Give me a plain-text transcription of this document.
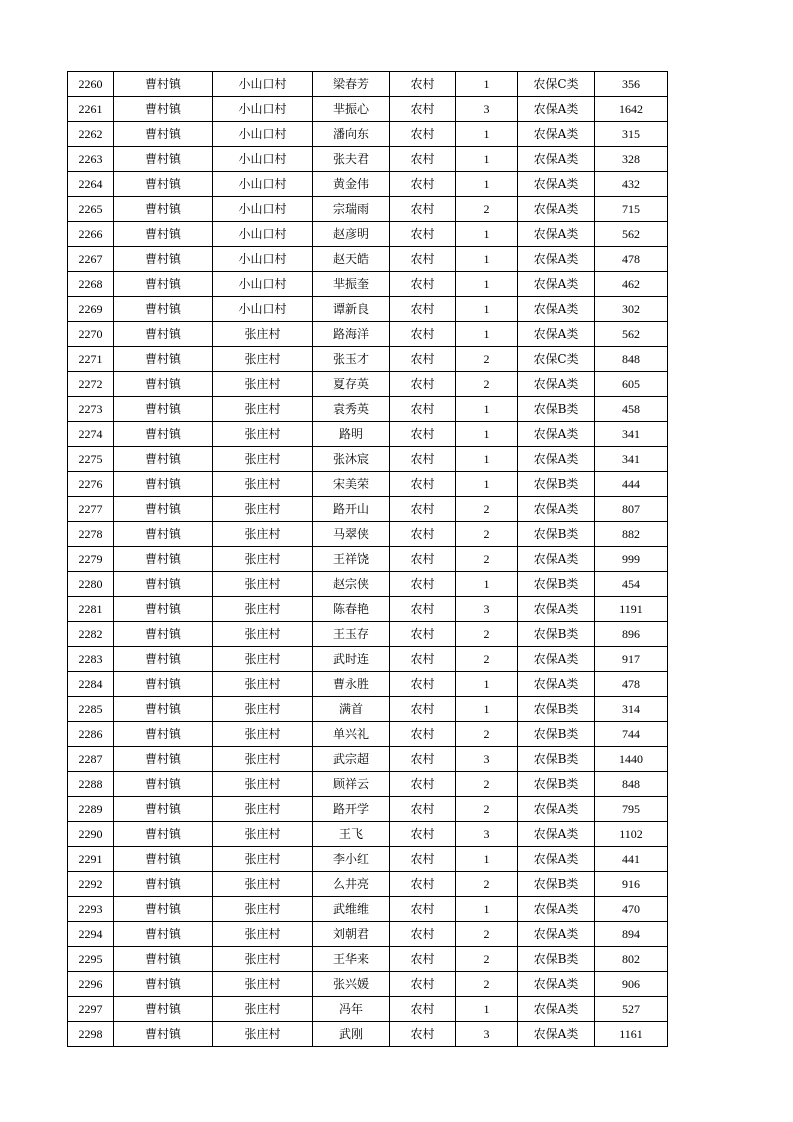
2260	曹村镇	小山口村	梁春芳	农村	1	农保C类	356
2261	曹村镇	小山口村	芈振心	农村	3	农保A类	1642
2262	曹村镇	小山口村	潘向东	农村	1	农保A类	315
2263	曹村镇	小山口村	张夫君	农村	1	农保A类	328
2264	曹村镇	小山口村	黄金伟	农村	1	农保A类	432
2265	曹村镇	小山口村	宗瑞雨	农村	2	农保A类	715
2266	曹村镇	小山口村	赵彦明	农村	1	农保A类	562
2267	曹村镇	小山口村	赵天皓	农村	1	农保A类	478
2268	曹村镇	小山口村	芈振奎	农村	1	农保A类	462
2269	曹村镇	小山口村	谭新良	农村	1	农保A类	302
2270	曹村镇	张庄村	路海洋	农村	1	农保A类	562
2271	曹村镇	张庄村	张玉才	农村	2	农保C类	848
2272	曹村镇	张庄村	夏存英	农村	2	农保A类	605
2273	曹村镇	张庄村	袁秀英	农村	1	农保B类	458
2274	曹村镇	张庄村	路明	农村	1	农保A类	341
2275	曹村镇	张庄村	张沐宸	农村	1	农保A类	341
2276	曹村镇	张庄村	宋美荣	农村	1	农保B类	444
2277	曹村镇	张庄村	路开山	农村	2	农保A类	807
2278	曹村镇	张庄村	马翠侠	农村	2	农保B类	882
2279	曹村镇	张庄村	王祥饶	农村	2	农保A类	999
2280	曹村镇	张庄村	赵宗侠	农村	1	农保B类	454
2281	曹村镇	张庄村	陈春艳	农村	3	农保A类	1191
2282	曹村镇	张庄村	王玉存	农村	2	农保B类	896
2283	曹村镇	张庄村	武时连	农村	2	农保A类	917
2284	曹村镇	张庄村	曹永胜	农村	1	农保A类	478
2285	曹村镇	张庄村	满首	农村	1	农保B类	314
2286	曹村镇	张庄村	单兴礼	农村	2	农保B类	744
2287	曹村镇	张庄村	武宗超	农村	3	农保B类	1440
2288	曹村镇	张庄村	顾祥云	农村	2	农保B类	848
2289	曹村镇	张庄村	路开学	农村	2	农保A类	795
2290	曹村镇	张庄村	王飞	农村	3	农保A类	1102
2291	曹村镇	张庄村	李小红	农村	1	农保A类	441
2292	曹村镇	张庄村	么井亮	农村	2	农保B类	916
2293	曹村镇	张庄村	武维维	农村	1	农保A类	470
2294	曹村镇	张庄村	刘朝君	农村	2	农保A类	894
2295	曹村镇	张庄村	王华来	农村	2	农保B类	802
2296	曹村镇	张庄村	张兴媛	农村	2	农保A类	906
2297	曹村镇	张庄村	冯年	农村	1	农保A类	527
2298	曹村镇	张庄村	武刚	农村	3	农保A类	1161
